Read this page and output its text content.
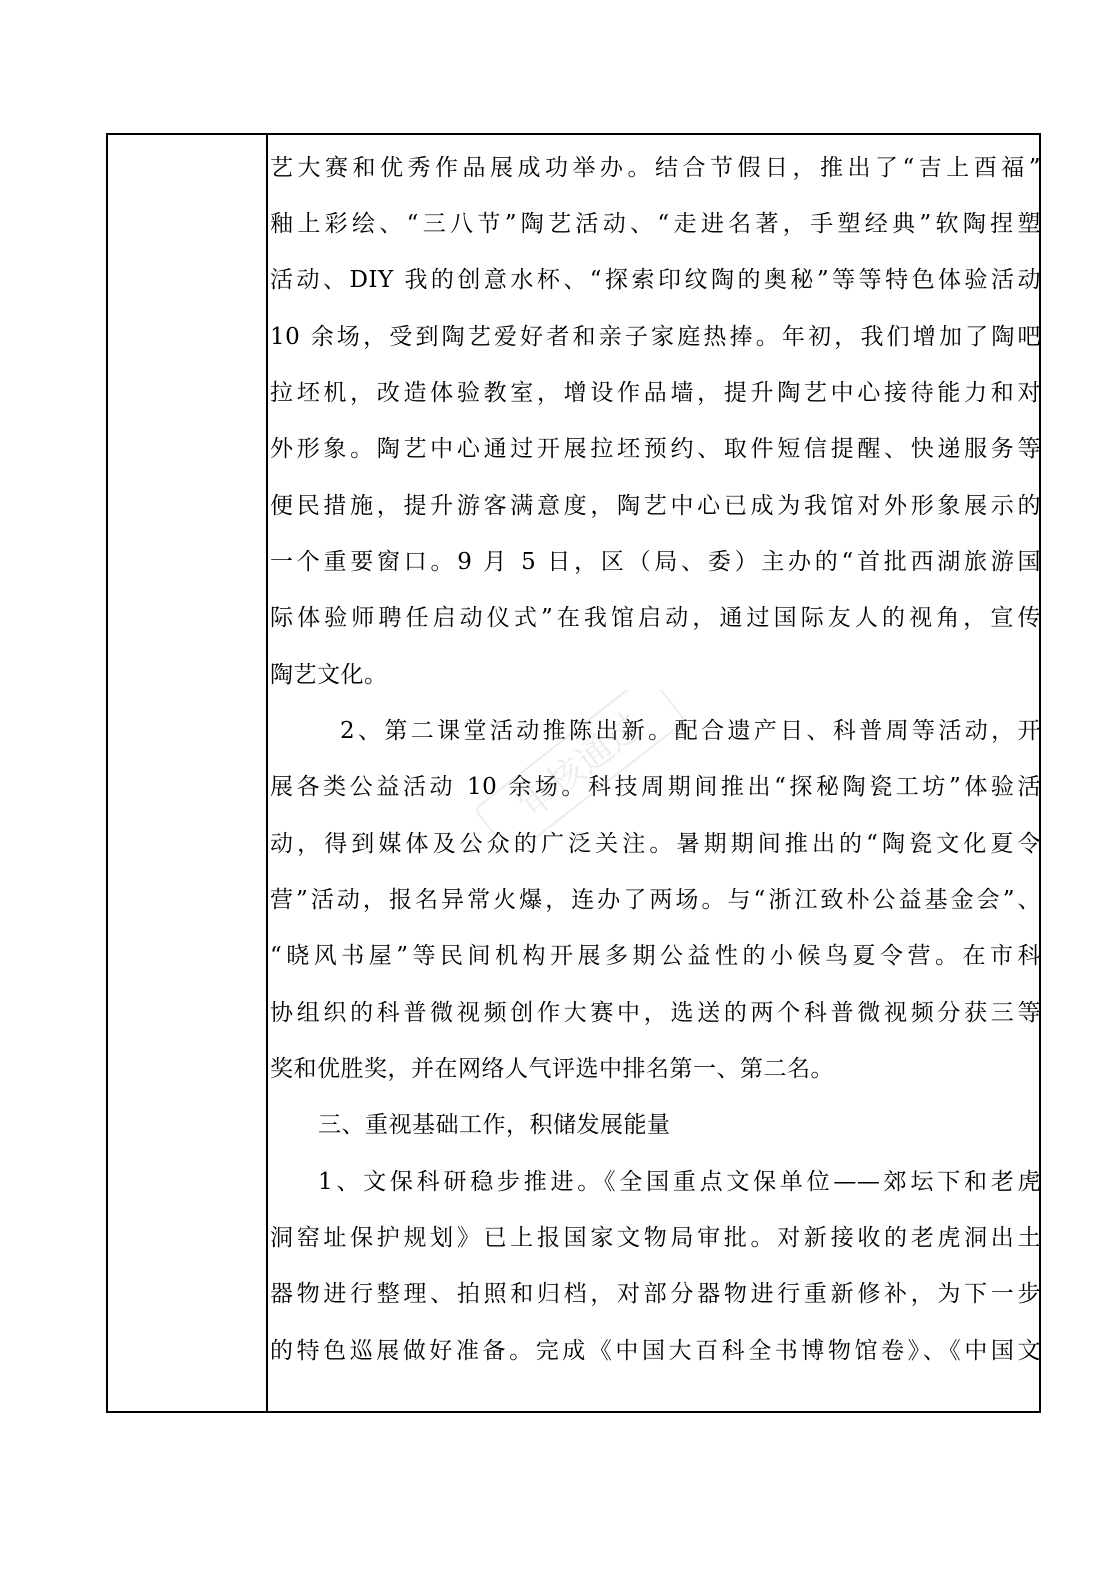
艺大赛和优秀作品展成功举办。结合节假日，推出了“吉上酉福”
釉上彩绘、“三八节”陶艺活动、“走进名著，手塑经典”软陶捏塑
活动、DIY 我的创意水杯、“探索印纹陶的奥秘”等等特色体验活动
10 余场，受到陶艺爱好者和亲子家庭热捧。年初，我们增加了陶吧
拉坯机，改造体验教室，增设作品墙，提升陶艺中心接待能力和对
外形象。陶艺中心通过开展拉坯预约、取件短信提醒、快递服务等
便民措施，提升游客满意度，陶艺中心已成为我馆对外形象展示的
一个重要窗口。9 月 5 日，区（局、委）主办的“首批西湖旅游国
际体验师聘任启动仪式”在我馆启动，通过国际友人的视角，宣传
陶艺文化。
2、第二课堂活动推陈出新。配合遗产日、科普周等活动，开
展各类公益活动 10 余场。科技周期间推出“探秘陶瓷工坊”体验活
动，得到媒体及公众的广泛关注。暑期期间推出的“陶瓷文化夏令
营”活动，报名异常火爆，连办了两场。与“浙江致朴公益基金会”、
“晓风书屋”等民间机构开展多期公益性的小候鸟夏令营。在市科
协组织的科普微视频创作大赛中，选送的两个科普微视频分获三等
奖和优胜奖，并在网络人气评选中排名第一、第二名。
三、重视基础工作，积储发展能量
1、文保科研稳步推进。《全国重点文保单位——郊坛下和老虎
洞窑址保护规划》已上报国家文物局审批。对新接收的老虎洞出土
器物进行整理、拍照和归档，对部分器物进行重新修补，为下一步
的特色巡展做好准备。完成《中国大百科全书博物馆卷》、《中国文
审核通过
